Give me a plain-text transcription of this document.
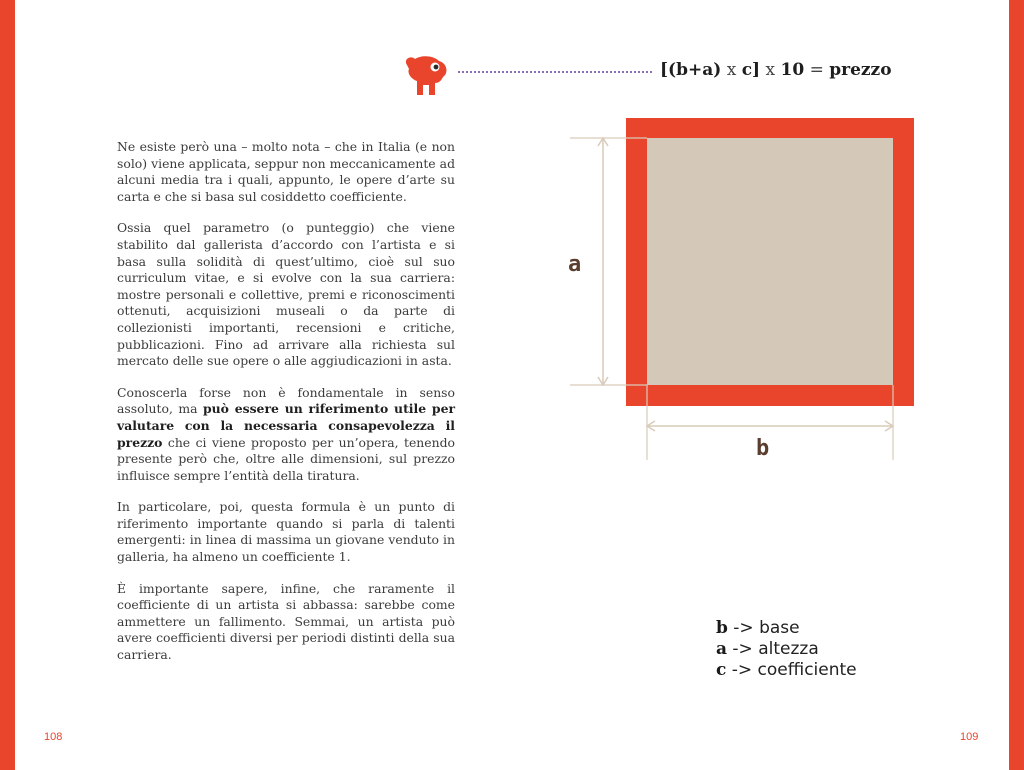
[(b+a) x c] x 10 = prezzo

Ne esiste però una – molto nota – che in Italia (e non solo) viene applicata, seppur non meccanicamente ad alcuni media tra i quali, appunto, le opere d’arte su carta e che si basa sul cosiddetto coefficiente.

Ossia quel parametro (o punteggio) che viene stabilito dal gallerista d’accordo con l’artista e si basa sulla solidità di quest’ultimo, cioè sul suo curriculum vitae, e si evolve con la sua carriera: mostre personali e collettive, premi e riconoscimenti ottenuti, acquisizioni museali o da parte di collezionisti importanti, recensioni e critiche, pubblicazioni. Fino ad arrivare alla richiesta sul mercato delle sue opere o alle aggiudicazioni in asta.

Conoscerla forse non è fondamentale in senso assoluto, ma può essere un riferimento utile per valutare con la necessaria consapevolezza il prezzo che ci viene proposto per un’opera, tenendo presente però che, oltre alle dimensioni, sul prezzo influisce sempre l’entità della tiratura.

In particolare, poi, questa formula è un punto di riferimento importante quando si parla di talenti emergenti: in linea di massima un giovane venduto in galleria, ha almeno un coefficiente 1.

È importante sapere, infine, che raramente il coefficiente di un artista si abbassa: sarebbe come ammettere un fallimento. Semmai, un artista può avere coefficienti diversi per periodi distinti della sua carriera.

a
b
b -> base
a -> altezza
c -> coefficiente
108	109
